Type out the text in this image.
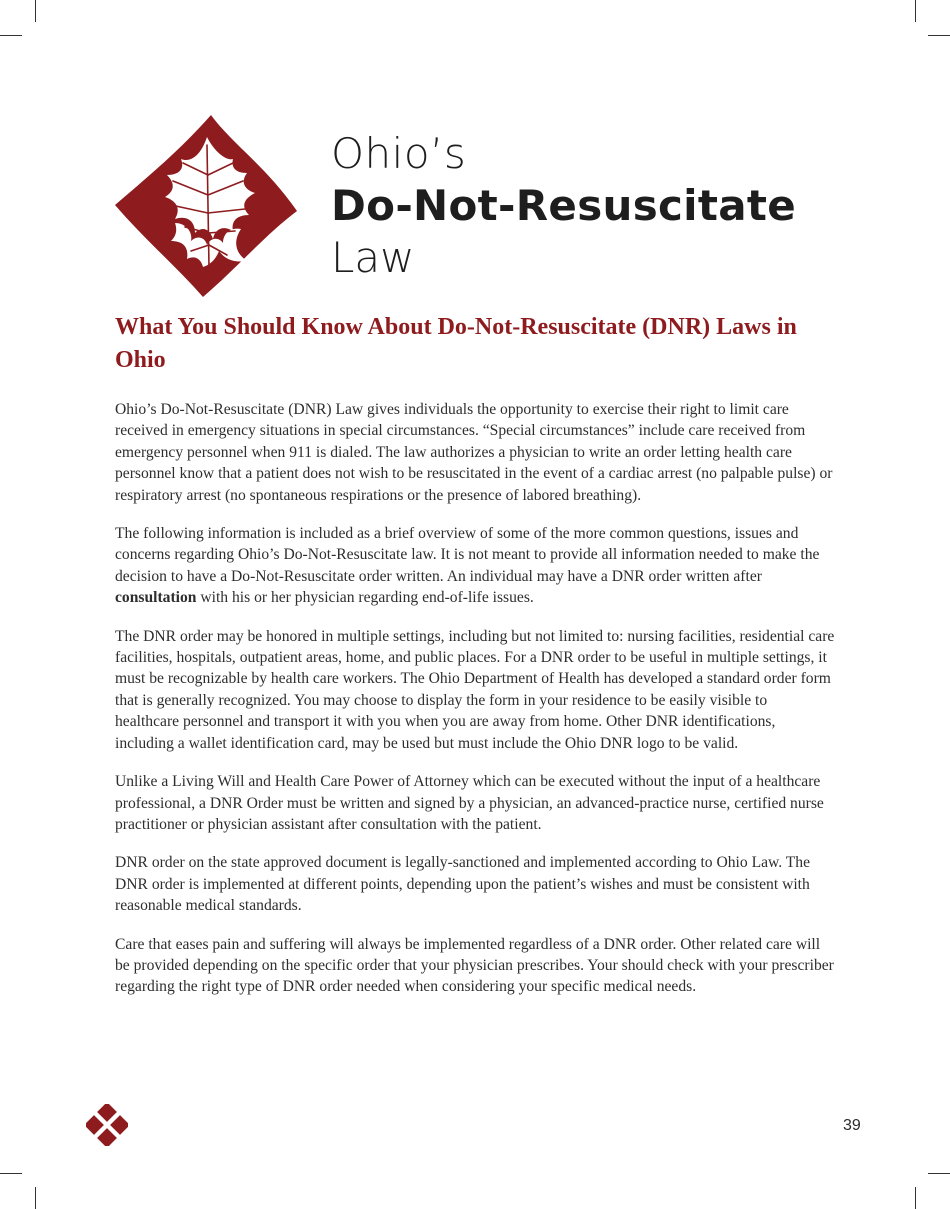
Ohio’s
Do-Not-Resuscitate
Law
What You Should Know About Do-Not-Resuscitate (DNR) Laws in Ohio

Ohio’s Do-Not-Resuscitate (DNR) Law gives individuals the opportunity to exercise their right to limit care received in emergency situations in special circumstances. “Special circumstances” include care received from emergency personnel when 911 is dialed. The law authorizes a physician to write an order letting health care personnel know that a patient does not wish to be resuscitated in the event of a cardiac arrest (no palpable pulse) or respiratory arrest (no spontaneous respirations or the presence of labored breathing).

The following information is included as a brief overview of some of the more common questions, issues and concerns regarding Ohio’s Do-Not-Resuscitate law. It is not meant to provide all information needed to make the decision to have a Do-Not-Resuscitate order written. An individual may have a DNR order written after consultation with his or her physician regarding end-of-life issues.

The DNR order may be honored in multiple settings, including but not limited to: nursing facilities, residential care facilities, hospitals, outpatient areas, home, and public places. For a DNR order to be useful in multiple settings, it must be recognizable by health care workers. The Ohio Department of Health has developed a standard order form that is generally recognized. You may choose to display the form in your residence to be easily visible to healthcare personnel and transport it with you when you are away from home. Other DNR identifications, including a wallet identification card, may be used but must include the Ohio DNR logo to be valid.

Unlike a Living Will and Health Care Power of Attorney which can be executed without the input of a healthcare professional, a DNR Order must be written and signed by a physician, an advanced-practice nurse, certified nurse practitioner or physician assistant after consultation with the patient.

DNR order on the state approved document is legally-sanctioned and implemented according to Ohio Law. The DNR order is implemented at different points, depending upon the patient’s wishes and must be consistent with reasonable medical standards.

Care that eases pain and suffering will always be implemented regardless of a DNR order. Other related care will be provided depending on the specific order that your physician prescribes. Your should check with your prescriber regarding the right type of DNR order needed when considering your specific medical needs.

39
